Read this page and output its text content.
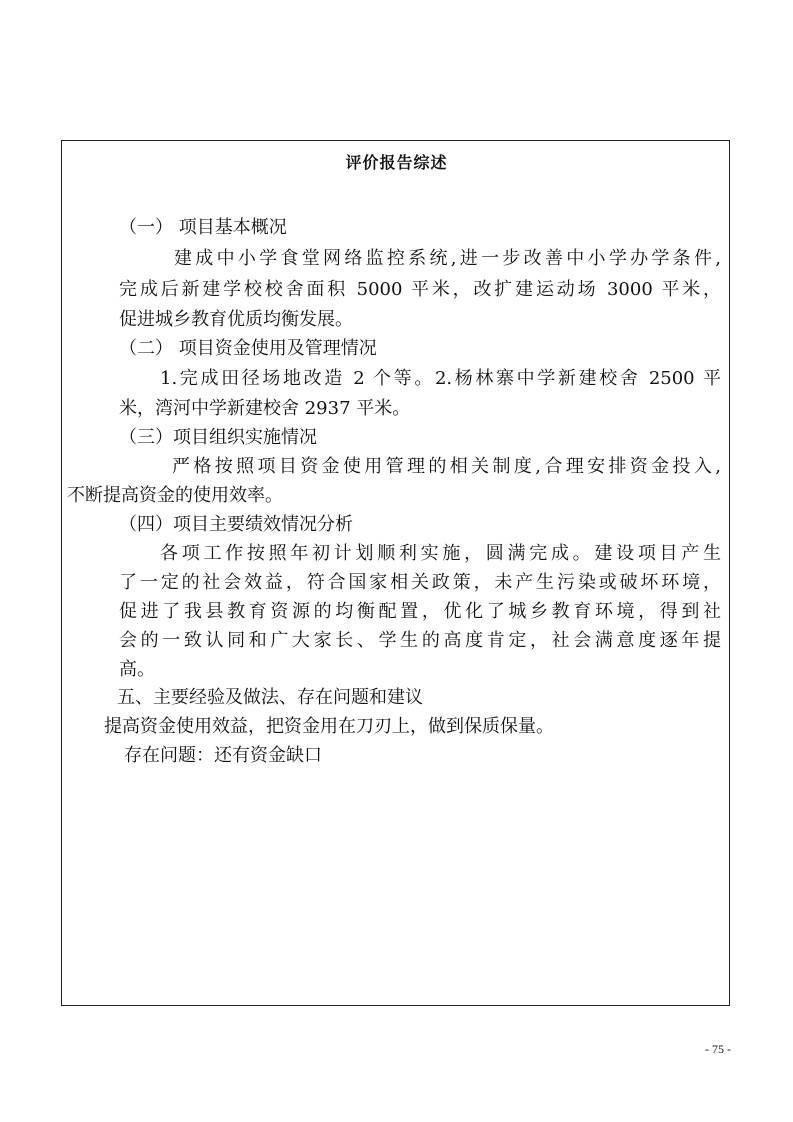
评价报告综述
（一） 项目基本概况
建成中小学食堂网络监控系统,进一步改善中小学办学条件,
完成后新建学校校舍面积 5000 平米，改扩建运动场 3000 平米，
促进城乡教育优质均衡发展。
（二） 项目资金使用及管理情况
1.完成田径场地改造 2 个等。2.杨林寨中学新建校舍 2500 平
米，湾河中学新建校舍 2937 平米。
（三）项目组织实施情况
严格按照项目资金使用管理的相关制度,合理安排资金投入,
不断提高资金的使用效率。
（四）项目主要绩效情况分析
各项工作按照年初计划顺利实施，圆满完成。建设项目产生
了一定的社会效益，符合国家相关政策，未产生污染或破坏环境，
促进了我县教育资源的均衡配置，优化了城乡教育环境，得到社
会的一致认同和广大家长、学生的高度肯定，社会满意度逐年提
高。
五、主要经验及做法、存在问题和建议
提高资金使用效益，把资金用在刀刃上，做到保质保量。
存在问题：还有资金缺口
- 75 -
